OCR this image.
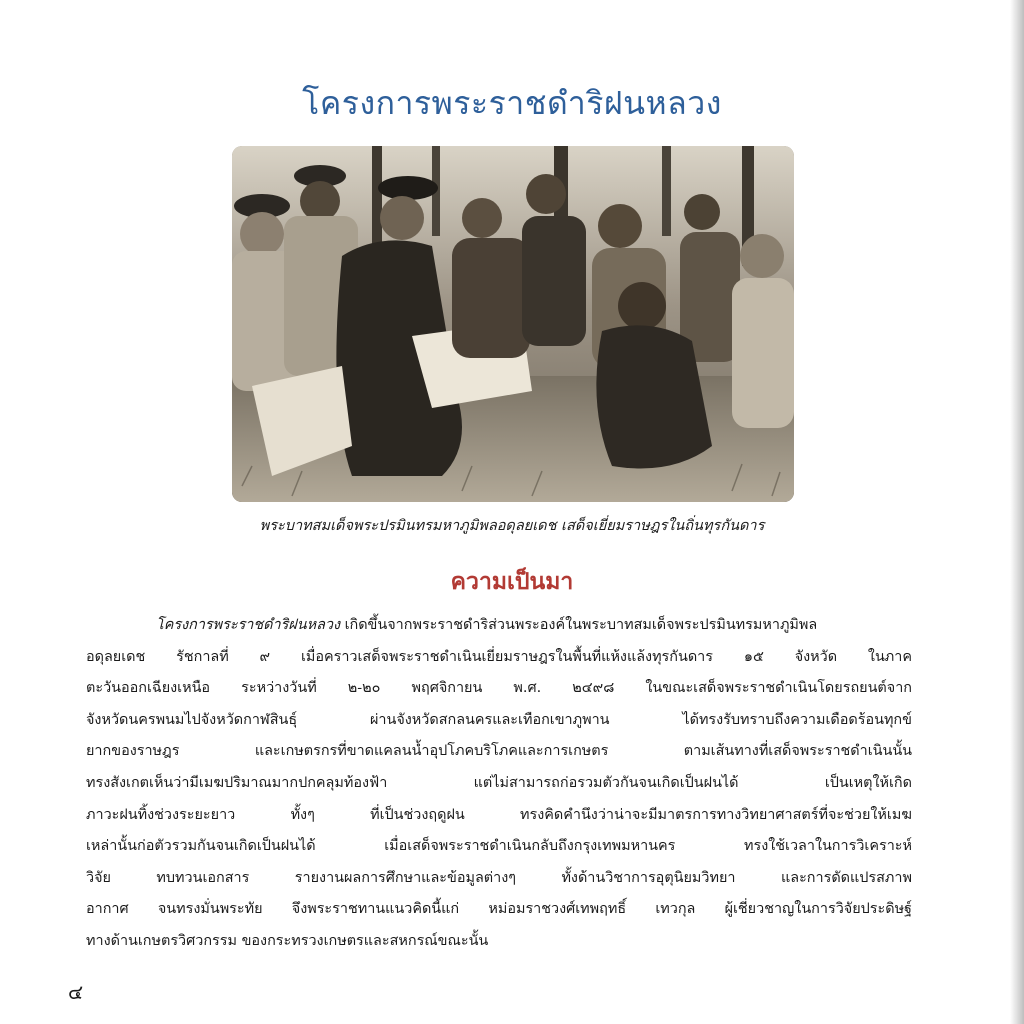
โครงการพระราชดำริฝนหลวง

พระบาทสมเด็จพระปรมินทรมหาภูมิพลอดุลยเดช เสด็จเยี่ยมราษฎรในถิ่นทุรกันดาร

ความเป็นมา
โครงการพระราชดำริฝนหลวง เกิดขึ้นจากพระราชดำริส่วนพระองค์ในพระบาทสมเด็จพระปรมินทรมหาภูมิพล
อดุลยเดช รัชกาลที่ ๙ เมื่อคราวเสด็จพระราชดำเนินเยี่ยมราษฎรในพื้นที่แห้งแล้งทุรกันดาร ๑๕ จังหวัด ในภาค
ตะวันออกเฉียงเหนือ ระหว่างวันที่ ๒-๒๐ พฤศจิกายน พ.ศ. ๒๔๙๘ ในขณะเสด็จพระราชดำเนินโดยรถยนต์จาก
จังหวัดนครพนมไปจังหวัดกาฬสินธุ์ ผ่านจังหวัดสกลนครและเทือกเขาภูพาน ได้ทรงรับทราบถึงความเดือดร้อนทุกข์
ยากของราษฎร และเกษตรกรที่ขาดแคลนน้ำอุปโภคบริโภคและการเกษตร ตามเส้นทางที่เสด็จพระราชดำเนินนั้น
ทรงสังเกตเห็นว่ามีเมฆปริมาณมากปกคลุมท้องฟ้า แต่ไม่สามารถก่อรวมตัวกันจนเกิดเป็นฝนได้ เป็นเหตุให้เกิด
ภาวะฝนทิ้งช่วงระยะยาว ทั้งๆ ที่เป็นช่วงฤดูฝน ทรงคิดคำนึงว่าน่าจะมีมาตรการทางวิทยาศาสตร์ที่จะช่วยให้เมฆ
เหล่านั้นก่อตัวรวมกันจนเกิดเป็นฝนได้ เมื่อเสด็จพระราชดำเนินกลับถึงกรุงเทพมหานคร ทรงใช้เวลาในการวิเคราะห์
วิจัย ทบทวนเอกสาร รายงานผลการศึกษาและข้อมูลต่างๆ ทั้งด้านวิชาการอุตุนิยมวิทยา และการดัดแปรสภาพ
อากาศ จนทรงมั่นพระทัย จึงพระราชทานแนวคิดนี้แก่ หม่อมราชวงศ์เทพฤทธิ์ เทวกุล ผู้เชี่ยวชาญในการวิจัยประดิษฐ์
ทางด้านเกษตรวิศวกรรม ของกระทรวงเกษตรและสหกรณ์ขณะนั้น
๔
